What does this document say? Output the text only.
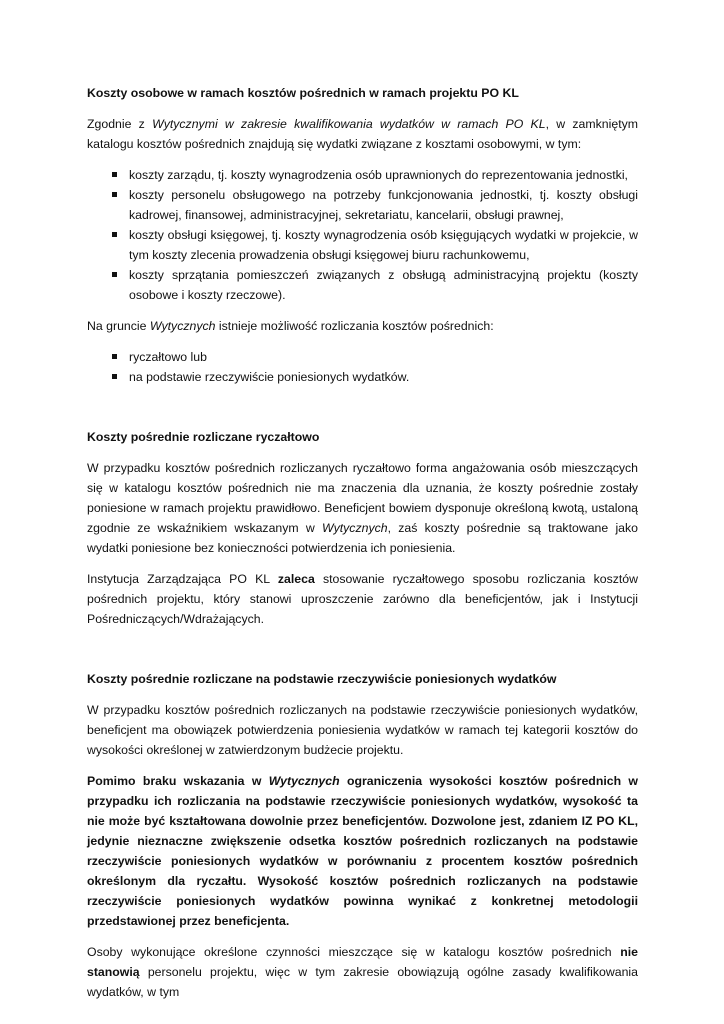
Koszty osobowe w ramach kosztów pośrednich w ramach projektu PO KL

Zgodnie z Wytycznymi w zakresie kwalifikowania wydatków w ramach PO KL, w zamkniętym katalogu kosztów pośrednich znajdują się wydatki związane z kosztami osobowymi, w tym:

koszty zarządu, tj. koszty wynagrodzenia osób uprawnionych do reprezentowania jednostki,
koszty personelu obsługowego na potrzeby funkcjonowania jednostki, tj. koszty obsługi kadrowej, finansowej, administracyjnej, sekretariatu, kancelarii, obsługi prawnej,
koszty obsługi księgowej, tj. koszty wynagrodzenia osób księgujących wydatki w projekcie, w tym koszty zlecenia prowadzenia obsługi księgowej biuru rachunkowemu,
koszty sprzątania pomieszczeń związanych z obsługą administracyjną projektu (koszty osobowe i koszty rzeczowe).

Na gruncie Wytycznych istnieje możliwość rozliczania kosztów pośrednich:

ryczałtowo lub
na podstawie rzeczywiście poniesionych wydatków.
Koszty pośrednie rozliczane ryczałtowo

W przypadku kosztów pośrednich rozliczanych ryczałtowo forma angażowania osób mieszczących się w katalogu kosztów pośrednich nie ma znaczenia dla uznania, że koszty pośrednie zostały poniesione w ramach projektu prawidłowo. Beneficjent bowiem dysponuje określoną kwotą, ustaloną zgodnie ze wskaźnikiem wskazanym w Wytycznych, zaś koszty pośrednie są traktowane jako wydatki poniesione bez konieczności potwierdzenia ich poniesienia.

Instytucja Zarządzająca PO KL zaleca stosowanie ryczałtowego sposobu rozliczania kosztów pośrednich projektu, który stanowi uproszczenie zarówno dla beneficjentów, jak i Instytucji Pośredniczących/Wdrażających.

Koszty pośrednie rozliczane na podstawie rzeczywiście poniesionych wydatków

W przypadku kosztów pośrednich rozliczanych na podstawie rzeczywiście poniesionych wydatków, beneficjent ma obowiązek potwierdzenia poniesienia wydatków w ramach tej kategorii kosztów do wysokości określonej w zatwierdzonym budżecie projektu.

Pomimo braku wskazania w Wytycznych ograniczenia wysokości kosztów pośrednich w przypadku ich rozliczania na podstawie rzeczywiście poniesionych wydatków, wysokość ta nie może być kształtowana dowolnie przez beneficjentów. Dozwolone jest, zdaniem IZ PO KL, jedynie nieznaczne zwiększenie odsetka kosztów pośrednich rozliczanych na podstawie rzeczywiście poniesionych wydatków w porównaniu z procentem kosztów pośrednich określonym dla ryczałtu. Wysokość kosztów pośrednich rozliczanych na podstawie rzeczywiście poniesionych wydatków powinna wynikać z konkretnej metodologii przedstawionej przez beneficjenta.

Osoby wykonujące określone czynności mieszczące się w katalogu kosztów pośrednich nie stanowią personelu projektu, więc w tym zakresie obowiązują ogólne zasady kwalifikowania wydatków, w tym
